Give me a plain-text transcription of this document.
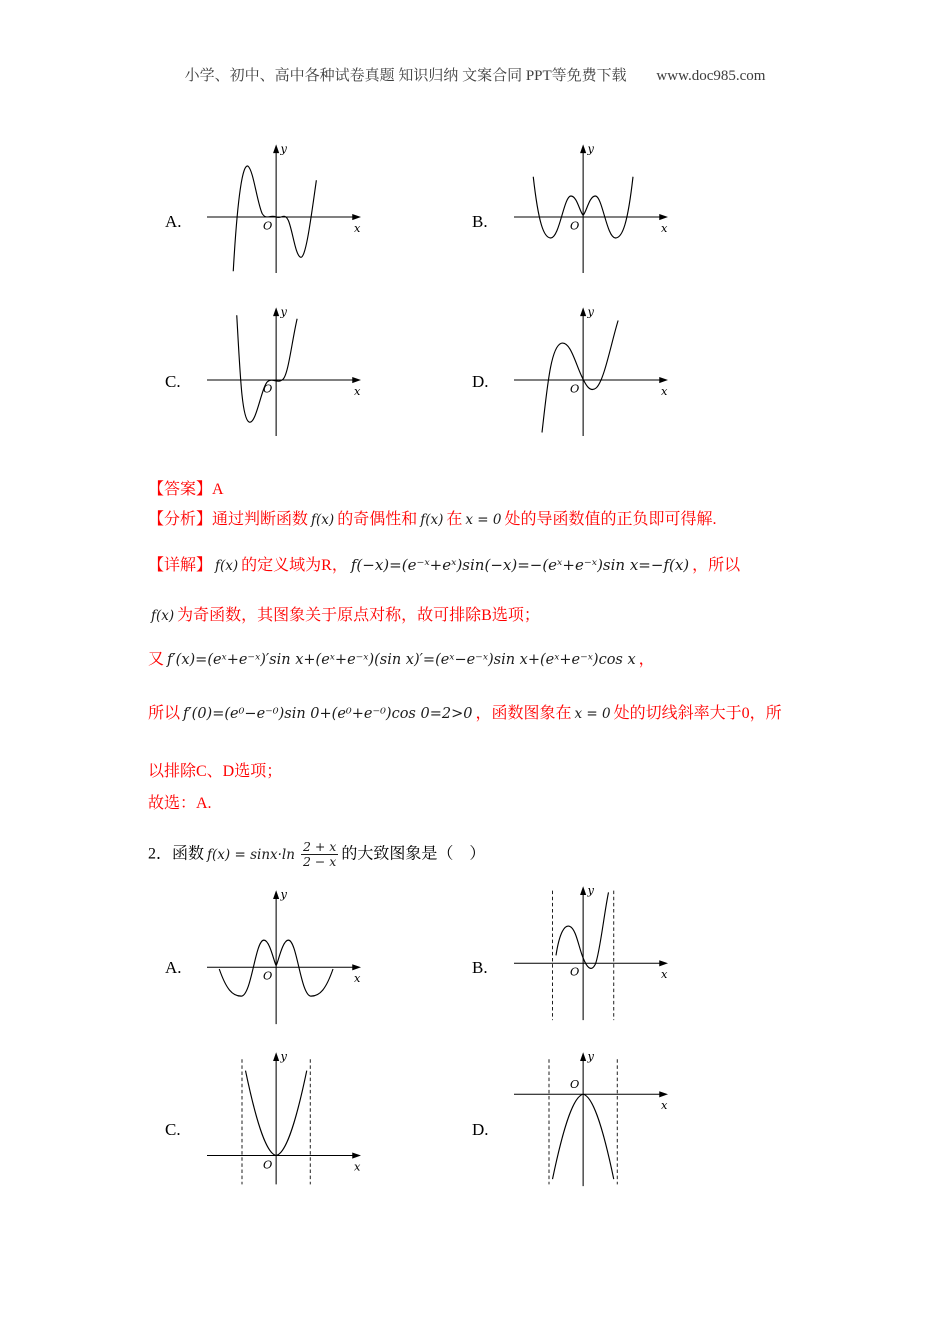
小学、初中、高中各种试卷真题 知识归纳 文案合同 PPT等免费下载 www.doc985.com
A.
y
x
O	B.
y
x
O
C.
y
x
O	D.
y
x
O
【答案】A
【分析】通过判断函数 f(x) 的奇偶性和 f(x) 在 x = 0 处的导函数值的正负即可得解.
【详解】 f(x) 的定义域为R， f(−x)=(e⁻ˣ+eˣ)sin(−x)=−(eˣ+e⁻ˣ)sin x=−f(x) ，所以
f(x) 为奇函数，其图象关于原点对称，故可排除B选项；
又 f′(x)=(eˣ+e⁻ˣ)′sin x+(eˣ+e⁻ˣ)(sin x)′=(eˣ−e⁻ˣ)sin x+(eˣ+e⁻ˣ)cos x ，
所以 f′(0)=(e⁰−e⁻⁰)sin 0+(e⁰+e⁻⁰)cos 0=2>0 ，函数图象在 x = 0 处的切线斜率大于0，所
以排除C、D选项；
故选：A.
2．函数 $f(x) = \sin x\cdot\ln \frac{2 + x}{2 - x}$ 的大致图象是（　）
A.
y
x
O	B.
y
x
O
C.
y
x
O
D.
y
x
O
